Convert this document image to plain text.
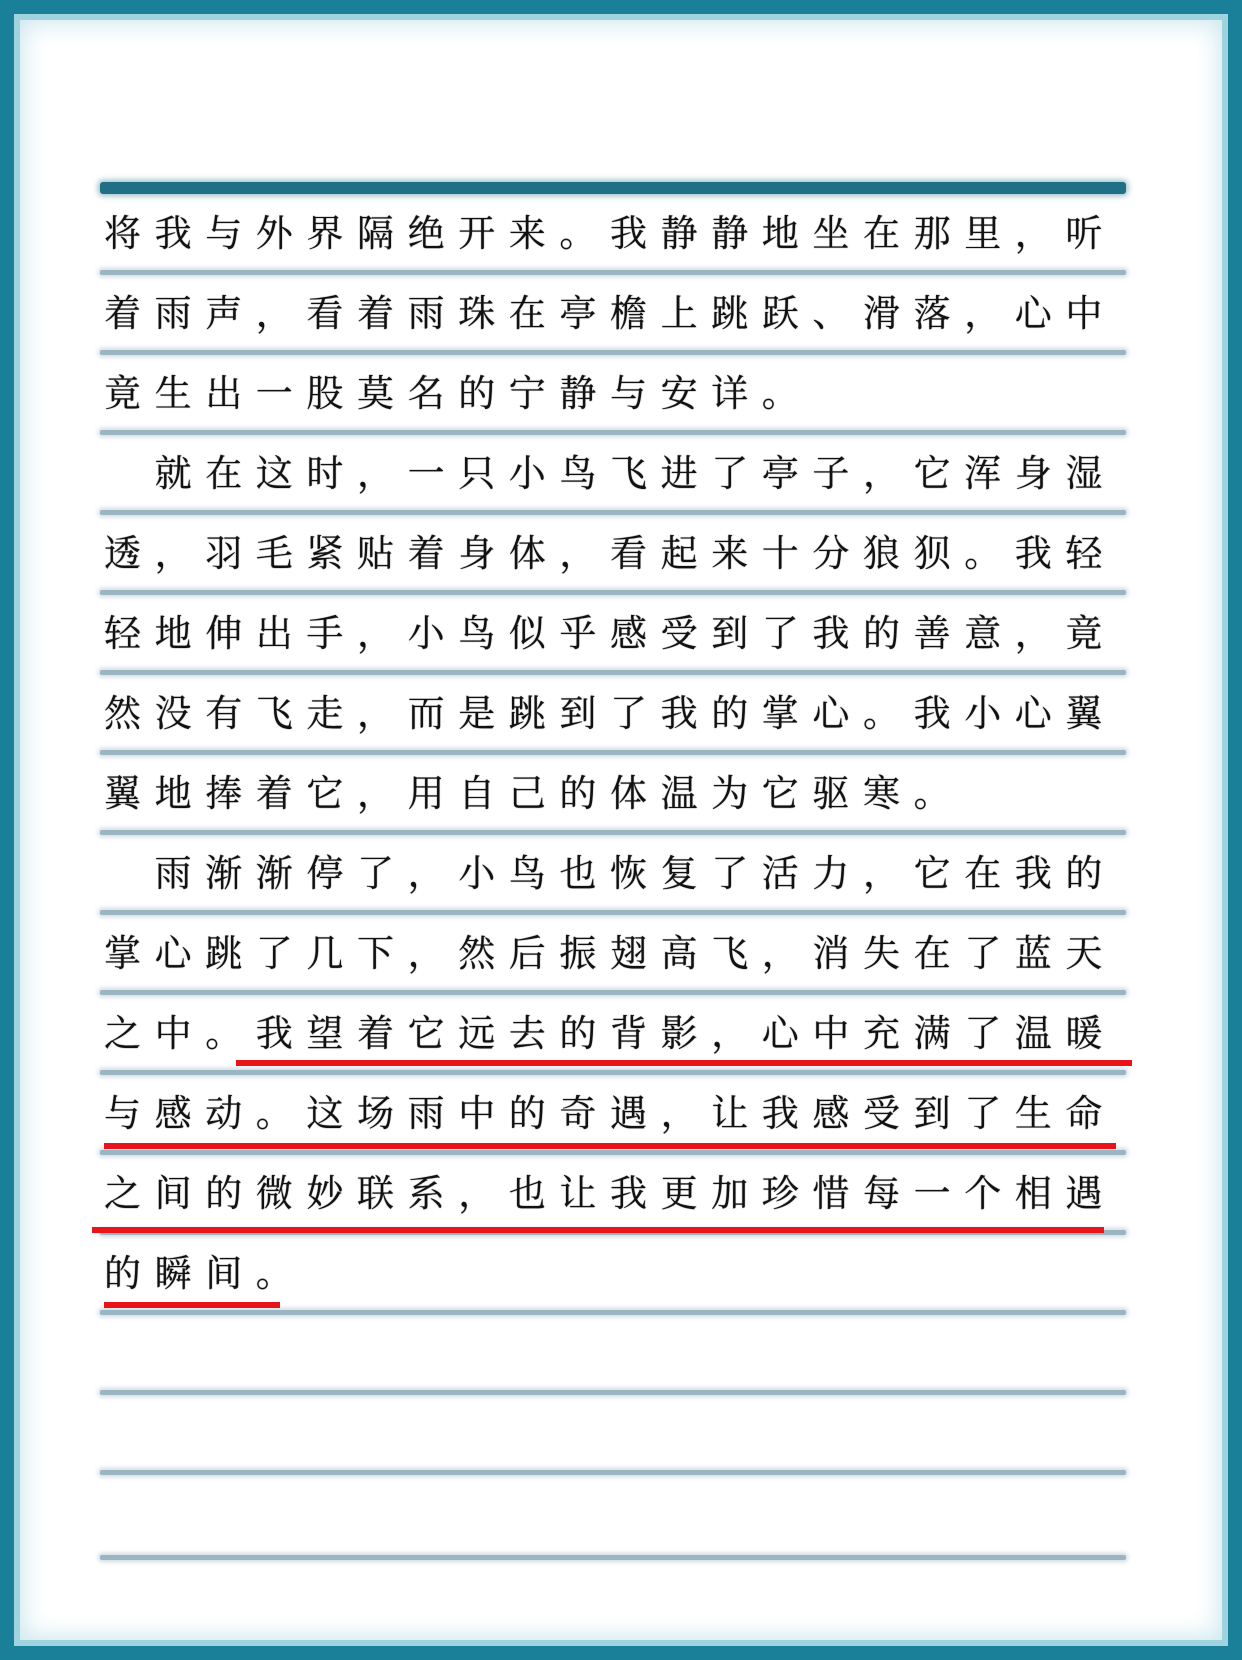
将我与外界隔绝开来。我静静地坐在那里，听
着雨声，看着雨珠在亭檐上跳跃、滑落，心中
竟生出一股莫名的宁静与安详。
　就在这时，一只小鸟飞进了亭子，它浑身湿
透，羽毛紧贴着身体，看起来十分狼狈。我轻
轻地伸出手，小鸟似乎感受到了我的善意，竟
然没有飞走，而是跳到了我的掌心。我小心翼
翼地捧着它，用自己的体温为它驱寒。
　雨渐渐停了，小鸟也恢复了活力，它在我的
掌心跳了几下，然后振翅高飞，消失在了蓝天
之中。我望着它远去的背影，心中充满了温暖
与感动。这场雨中的奇遇，让我感受到了生命
之间的微妙联系，也让我更加珍惜每一个相遇
的瞬间。
